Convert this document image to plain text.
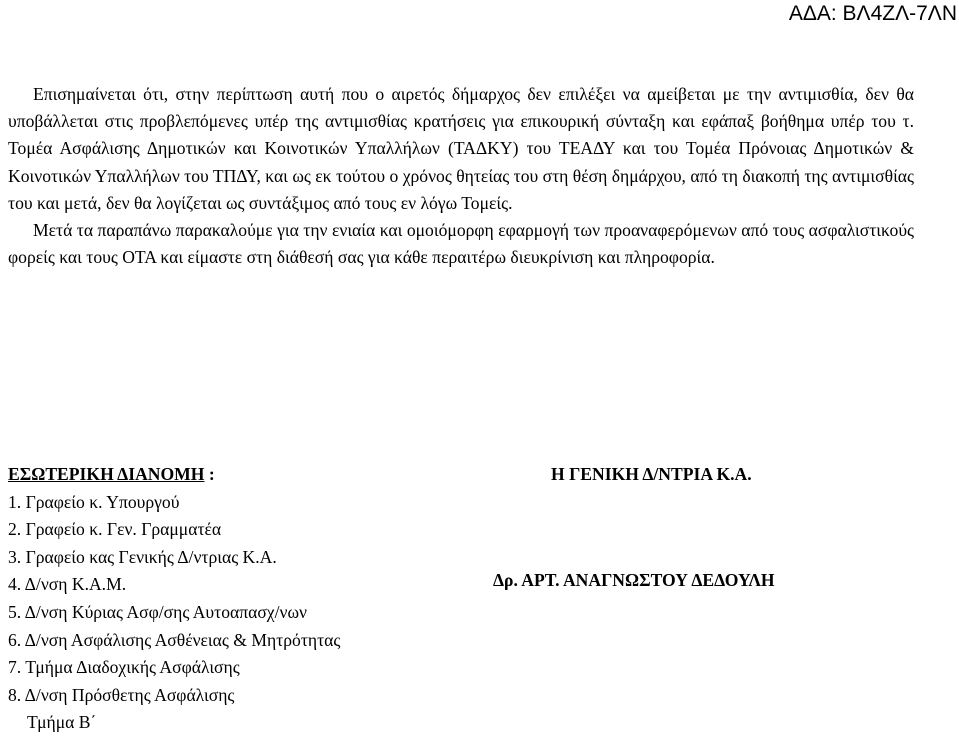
ΑΔΑ: ΒΛ4ΖΛ-7ΛΝ

Επισημαίνεται ότι, στην περίπτωση αυτή που ο αιρετός δήμαρχος δεν επιλέξει να αμείβεται με την αντιμισθία, δεν θα υποβάλλεται στις προβλεπόμενες υπέρ της αντιμισθίας κρατήσεις για επικουρική σύνταξη και εφάπαξ βοήθημα υπέρ του τ. Τομέα Ασφάλισης Δημοτικών και Κοινοτικών Υπαλλήλων (ΤΑΔΚΥ) του ΤΕΑΔΥ και του Τομέα Πρόνοιας Δημοτικών & Κοινοτικών Υπαλλήλων του ΤΠΔΥ, και ως εκ τούτου ο χρόνος θητείας του στη θέση δημάρχου, από τη διακοπή της αντιμισθίας του και μετά, δεν θα λογίζεται ως συντάξιμος από τους εν λόγω Τομείς.

Μετά τα παραπάνω παρακαλούμε για την ενιαία και ομοιόμορφη εφαρμογή των προαναφερόμενων από τους ασφαλιστικούς φορείς και τους ΟΤΑ και είμαστε στη διάθεσή σας για κάθε περαιτέρω διευκρίνιση και πληροφορία.

ΕΣΩΤΕΡΙΚΗ ΔΙΑΝΟΜΗ :
1. Γραφείο κ. Υπουργού
2. Γραφείο κ. Γεν. Γραμματέα
3. Γραφείο κας Γενικής Δ/ντριας Κ.Α.
4. Δ/νση Κ.Α.Μ.
5. Δ/νση Κύριας Ασφ/σης Αυτοαπασχ/νων
6. Δ/νση Ασφάλισης Ασθένειας & Μητρότητας
7. Τμήμα Διαδοχικής Ασφάλισης
8. Δ/νση Πρόσθετης Ασφάλισης
Τμήμα Β΄
Η ΓΕΝΙΚΗ Δ/ΝΤΡΙΑ Κ.Α.
Δρ. ΑΡΤ. ΑΝΑΓΝΩΣΤΟΥ ΔΕΔΟΥΛΗ
